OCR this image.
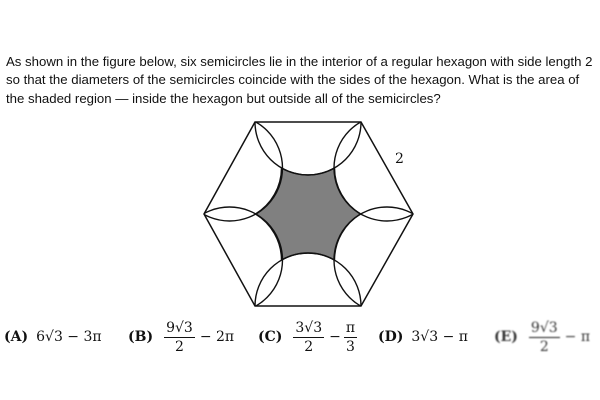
As shown in the figure below, six semicircles lie in the interior of a regular hexagon with side length 2 so that the diameters of the semicircles coincide with the sides of the hexagon. What is the area of the shaded region — inside the hexagon but outside all of the semicircles?

2
(A) 6√3 − 3π $(B) \frac{9√3}{2} - 2\pi$ $(C) \frac{3√3}{2} - \frac{\pi}{3} (D) 3√3 - \pi$ $(E) \frac{9√3}{2} - \pi$
